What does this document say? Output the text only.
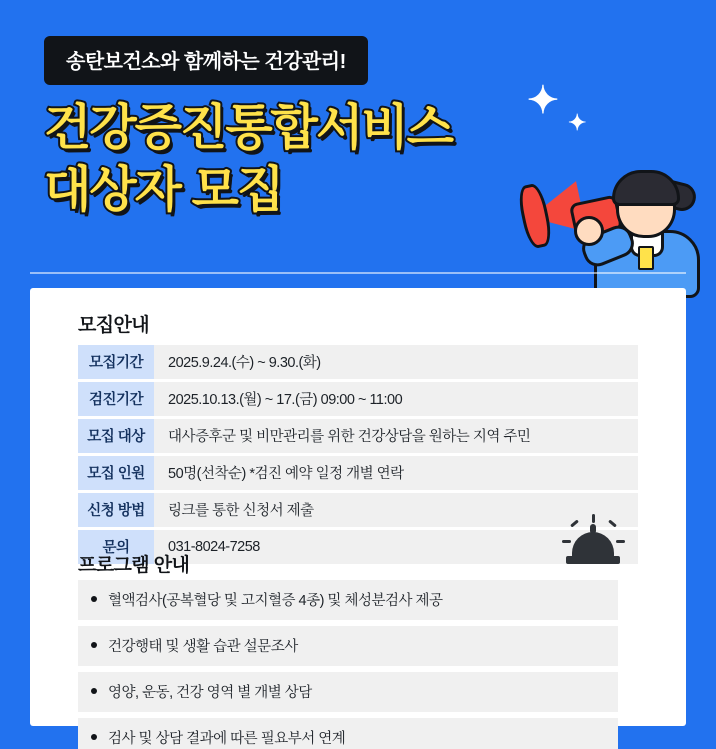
송탄보건소와 함께하는 건강관리!
건강증진통합서비스
대상자 모집
✦
✦
모집안내
모집기간	2025.9.24.(수) ~ 9.30.(화)
검진기간	2025.10.13.(월) ~ 17.(금) 09:00 ~ 11:00
모집 대상	대사증후군 및 비만관리를 위한 건강상담을 원하는 지역 주민
모집 인원	50명(선착순) *검진 예약 일정 개별 연락
신청 방법	링크를 통한 신청서 제출
문의	031-8024-7258
프로그램 안내
혈액검사(공복혈당 및 고지혈증 4종) 및 체성분검사 제공
건강행태 및 생활 습관 설문조사
영양, 운동, 건강 영역 별 개별 상담
검사 및 상담 결과에 따른 필요부서 연계
